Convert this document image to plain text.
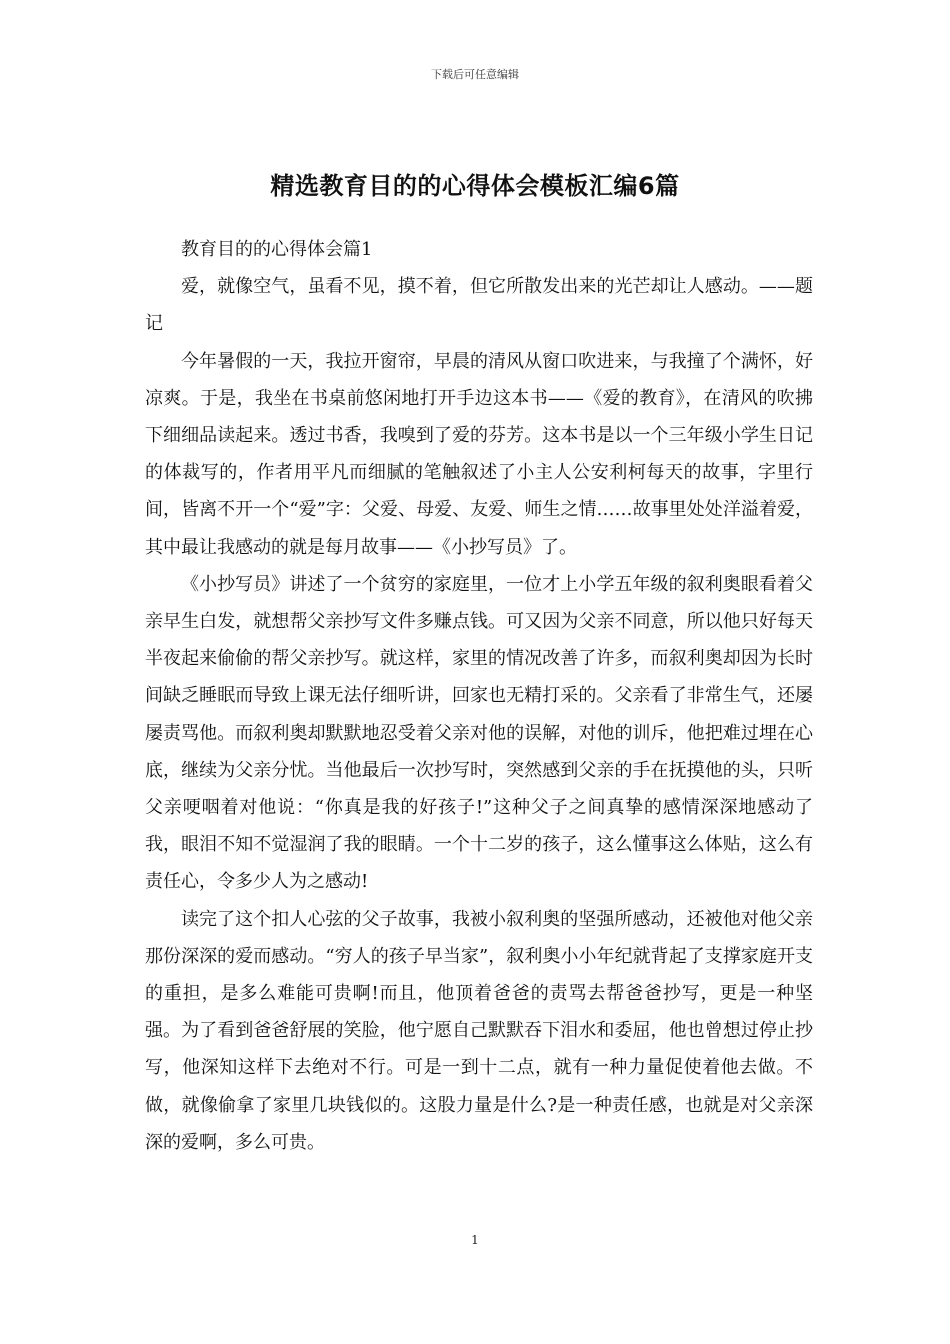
下载后可任意编辑
精选教育目的的心得体会模板汇编6篇

教育目的的心得体会篇1

爱，就像空气，虽看不见，摸不着，但它所散发出来的光芒却让人感动。——题记

今年暑假的一天，我拉开窗帘，早晨的清风从窗口吹进来，与我撞了个满怀，好凉爽。于是，我坐在书桌前悠闲地打开手边这本书——《爱的教育》，在清风的吹拂下细细品读起来。透过书香，我嗅到了爱的芬芳。这本书是以一个三年级小学生日记的体裁写的，作者用平凡而细腻的笔触叙述了小主人公安利柯每天的故事，字里行间，皆离不开一个“爱”字：父爱、母爱、友爱、师生之情……故事里处处洋溢着爱，其中最让我感动的就是每月故事——《小抄写员》了。

《小抄写员》讲述了一个贫穷的家庭里，一位才上小学五年级的叙利奥眼看着父亲早生白发，就想帮父亲抄写文件多赚点钱。可又因为父亲不同意，所以他只好每天半夜起来偷偷的帮父亲抄写。就这样，家里的情况改善了许多，而叙利奥却因为长时间缺乏睡眠而导致上课无法仔细听讲，回家也无精打采的。父亲看了非常生气，还屡屡责骂他。而叙利奥却默默地忍受着父亲对他的误解，对他的训斥，他把难过埋在心底，继续为父亲分忧。当他最后一次抄写时，突然感到父亲的手在抚摸他的头，只听父亲哽咽着对他说：“你真是我的好孩子!”这种父子之间真挚的感情深深地感动了我，眼泪不知不觉湿润了我的眼睛。一个十二岁的孩子，这么懂事这么体贴，这么有责任心，令多少人为之感动!

读完了这个扣人心弦的父子故事，我被小叙利奥的坚强所感动，还被他对他父亲那份深深的爱而感动。“穷人的孩子早当家”，叙利奥小小年纪就背起了支撑家庭开支的重担，是多么难能可贵啊!而且，他顶着爸爸的责骂去帮爸爸抄写，更是一种坚强。为了看到爸爸舒展的笑脸，他宁愿自己默默吞下泪水和委屈，他也曾想过停止抄写，他深知这样下去绝对不行。可是一到十二点，就有一种力量促使着他去做。不做，就像偷拿了家里几块钱似的。这股力量是什么?是一种责任感，也就是对父亲深深的爱啊，多么可贵。

1
